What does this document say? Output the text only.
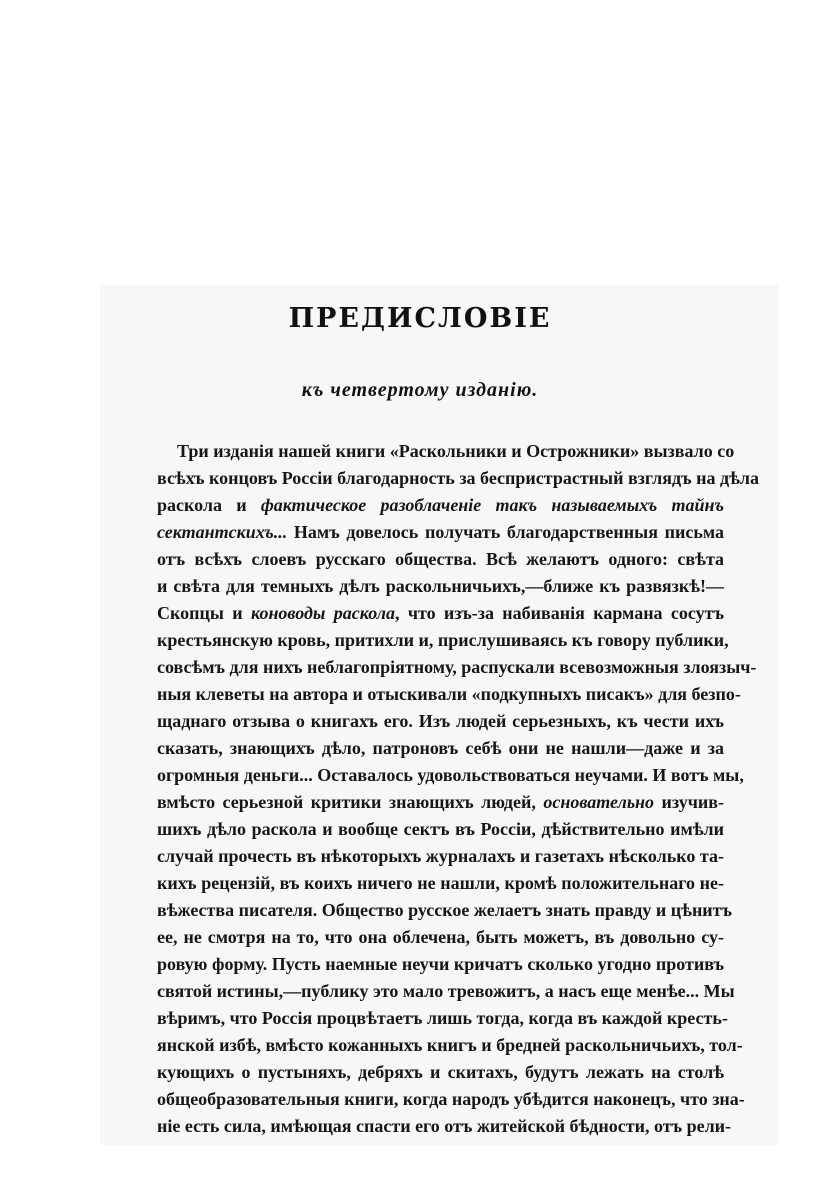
ПРЕДИСЛОВІЕ
къ четвертому изданію.
Три изданія нашей книги «Раскольники и Острожники» вызвало со
всѣхъ концовъ Россіи благодарность за беспристрастный взглядъ на дѣла
раскола и фактическое разоблаченіе такъ называемыхъ тайнъ
сектантскихъ... Намъ довелось получать благодарственныя письма
отъ всѣхъ слоевъ русскаго общества. Всѣ желаютъ одного: свѣта
и свѣта для темныхъ дѣлъ раскольничьихъ,—ближе къ развязкѣ!—
Скопцы и коноводы раскола, что изъ-за набиванія кармана сосутъ
крестьянскую кровь, притихли и, прислушиваясь къ говору публики,
совсѣмъ для нихъ неблагопріятному, распускали всевозможныя злоязыч-
ныя клеветы на автора и отыскивали «подкупныхъ писакъ» для безпо-
щаднаго отзыва о книгахъ его. Изъ людей серьезныхъ, къ чести ихъ
сказать, знающихъ дѣло, патроновъ себѣ они не нашли—даже и за
огромныя деньги... Оставалось удовольствоваться неучами. И вотъ мы,
вмѣсто серьезной критики знающихъ людей, основательно изучив-
шихъ дѣло раскола и вообще сектъ въ Россіи, дѣйствительно имѣли
случай прочесть въ нѣкоторыхъ журналахъ и газетахъ нѣсколько та-
кихъ рецензій, въ коихъ ничего не нашли, кромѣ положительнаго не-
вѣжества писателя. Общество русское желаетъ знать правду и цѣнитъ
ее, не смотря на то, что она облечена, быть можетъ, въ довольно су-
ровую форму. Пусть наемные неучи кричатъ сколько угодно противъ
святой истины,—публику это мало тревожитъ, а насъ еще менѣе... Мы
вѣримъ, что Россія процвѣтаетъ лишь тогда, когда въ каждой кресть-
янской избѣ, вмѣсто кожанныхъ книгъ и бредней раскольничьихъ, тол-
кующихъ о пустыняхъ, дебряхъ и скитахъ, будутъ лежать на столѣ
общеобразовательныя книги, когда народъ убѣдится наконецъ, что зна-
ніе есть сила, имѣющая спасти его отъ житейской бѣдности, отъ рели-
